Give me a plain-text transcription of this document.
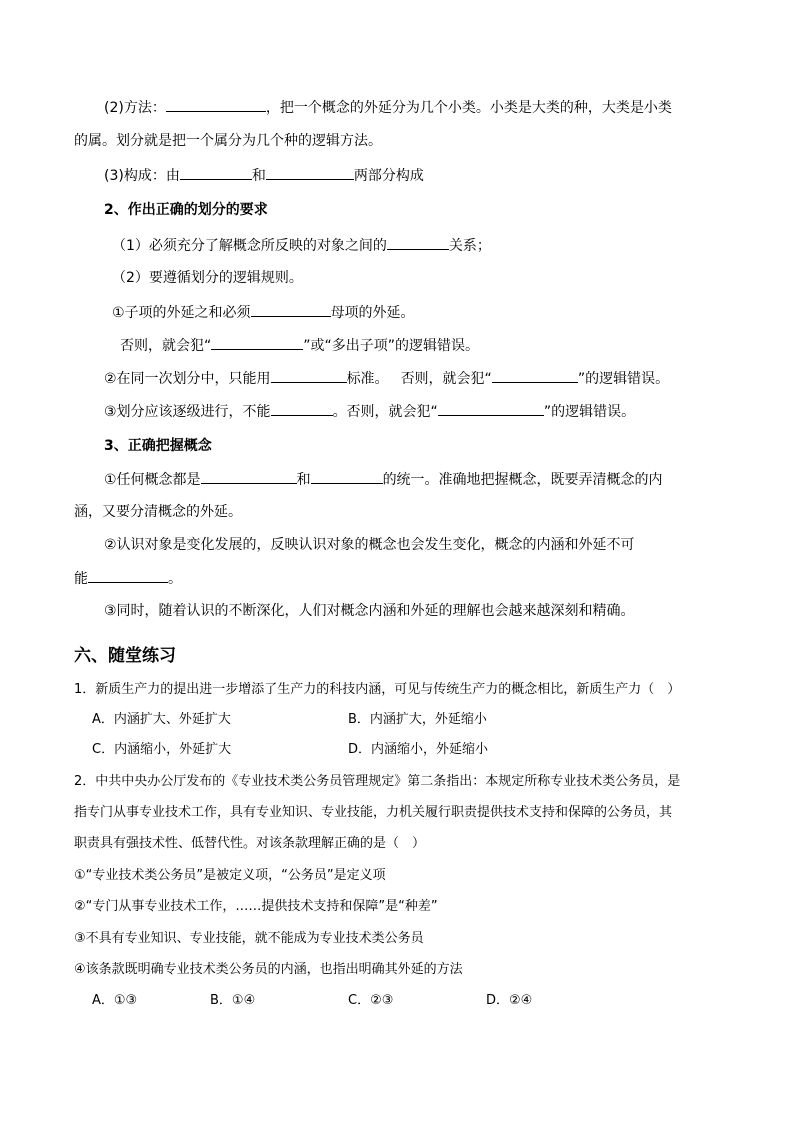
(2)方法：	，把一个概念的外延分为几个小类。小类是大类的种，大类是小类
的属。划分就是把一个属分为几个种的逻辑方法。
(3)构成：由	和	两部分构成
2、作出正确的划分的要求
（1）必须充分了解概念所反映的对象之间的	关系；
（2）要遵循划分的逻辑规则。
①子项的外延之和必须	母项的外延。
否则，就会犯“	”或“多出子项”的逻辑错误。
②在同一次划分中，只能用	标准。 否则，就会犯“	”的逻辑错误。
③划分应该逐级进行，不能	。否则，就会犯“	”的逻辑错误。
3、正确把握概念
①任何概念都是	和	的统一。准确地把握概念，既要弄清概念的内
涵，又要分清概念的外延。
②认识对象是变化发展的，反映认识对象的概念也会发生变化，概念的内涵和外延不可
能	。
③同时，随着认识的不断深化，人们对概念内涵和外延的理解也会越来越深刻和精确。
六、随堂练习
1．新质生产力的提出进一步增添了生产力的科技内涵，可见与传统生产力的概念相比，新质生产力（　）
A．内涵扩大、外延扩大	B．内涵扩大，外延缩小
C．内涵缩小，外延扩大	D．内涵缩小，外延缩小
2．中共中央办公厅发布的《专业技术类公务员管理规定》第二条指出：本规定所称专业技术类公务员，是
指专门从事专业技术工作，具有专业知识、专业技能，力机关履行职责提供技术支持和保障的公务员，其
职责具有强技术性、低替代性。对该条款理解正确的是（　）
①“专业技术类公务员”是被定义项，“公务员”是定义项
②“专门从事专业技术工作，……提供技术支持和保障”是“种差”
③不具有专业知识、专业技能，就不能成为专业技术类公务员
④该条款既明确专业技术类公务员的内涵，也指出明确其外延的方法
A．①③	B．①④	C．②③	D．②④
